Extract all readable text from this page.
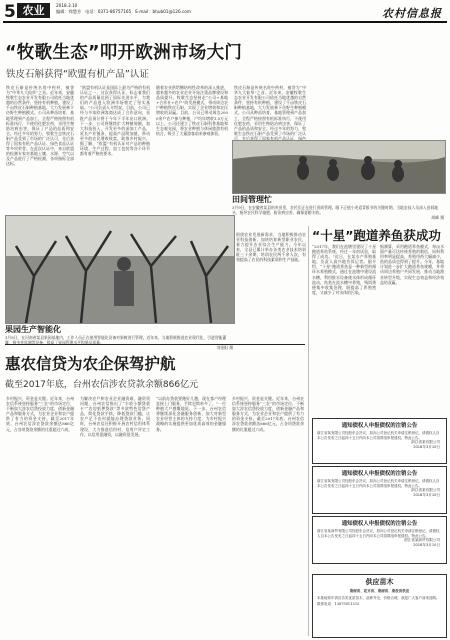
5 农业	2018.3.10
编辑：徐慧芳 电话：0371-86757165 E-mail：bhub01@126.com	农村信息报
“牧歌生态”叩开欧洲市场大门
铁皮石斛获得“欧盟有机产品”认证
铁皮石斛是传统名贵中药材，被誉为“中华九大仙草”之首。近年来，安徽牧歌生态农业开发有限公司依托当地优越的自然条件，坚持有机种植，建设了千亩铁皮石斛种植基地，大力发展林下仿野生种植模式。公司从种苗培育、基地管理到产品加工，全程严格按照有机标准执行，不使用化肥农药，采用生物防治病虫害，保证了产品的品质和安全。经过多年的努力，牧歌生态铁皮石斛产品受到了市场的广泛认可，先后获得了国家有机产品认证、绿色食品认证等多项荣誉。在此次认证中，来自欧盟的检测专家对基地土壤、水源、空气以及产品进行了严格检测，各项指标全部达标。
“欧盟有机认证是国际上最为严格的有机认证之一，这次获得认证，标志着我们的产品质量达到了国际先进水平，为我们的产品进入欧洲市场奠定了坚实基础。”公司负责人介绍说。目前，公司已经与多家欧洲客商达成了合作意向，首批产品预计将于今年下半年出口欧洲。下一步，公司将继续扩大种植规模，加大科技投入，开发更多的深加工产品，延长产业链条，提高产品附加值，带动更多的农民增收致富，助推乡村振兴。据了解，“欧盟”有机认证对产品的种植环境、生产过程、加工包装等各个环节都有着严格的要求。
随着农业供给侧结构性改革的深入推进，越来越多的农业企业开始注重品牌建设和品质提升。牧歌生态坚持走“公司+基地+合作社+农户”的发展模式，带动周边农户种植铁皮石斛，实现了企业增效和农民增收的双赢。目前，公司已带动周边2000余户农户参与种植，户均年增收1.5万元以上。公司还建立了铁皮石斛科普基地和生态观光园，将农业种植与休闲旅游有机结合，吸引了大量游客前来参观体验。
铁皮石斛是传统名贵中药材，被誉为“中华九大仙草”之首。近年来，安徽牧歌生态农业开发有限公司依托当地优越的自然条件，坚持有机种植，建设了千亩铁皮石斛种植基地，大力发展林下仿野生种植模式。公司从种苗培育、基地管理到产品加工，全程严格按照有机标准执行，不使用化肥农药，采用生物防治病虫害，保证了产品的品质和安全。经过多年的努力，牧歌生态铁皮石斛产品受到了市场的广泛认可，先后获得了国家有机产品认证、绿色
田间管理忙
3月9日，在安徽省某县的麦田里，农民们正在进行田间管理。眼下正值小麦返青拔节的关键时期，当地农技人员深入田间地头，指导农民科学施肥、防治病虫害，确保夏粮丰收。
胡峰 摄
果园生产智能化
3月8日，在河南省某县果园基地内，工作人员正在使用智能化设备对果树进行管理。近年来，当地积极推进农业现代化，引进智能灌溉、病虫害监测等设备，提高了果园管理水平和果品质量。
刘金阳 摄
围绕农业发展新需求，当地积极推动农业科技创新，加快培育新型职业农民，着力提升农业综合生产能力。今年以来，全县已累计举办各类农业技术培训班三十余期，培训农民两千余人次，有效提高了农民的科技素质和生产技能。
“十星”跑道养鱼获成功
“2017年，我们在池塘里建设了十星跑道养鱼系统，经过一年的试验，取得了成功。”近日，在某水产养殖基地，负责人高兴地告诉记者。据介绍，“十星”跑道养鱼是一种新型的循环水养殖模式，通过在池塘中建设流水槽，利用推水设备使水体形成循环流动，鱼类在流水槽中养殖，残饵粪便集中收集处理，既提高了养殖密度，又减少了对水体的污染。
据测算，采用跑道养鱼模式，每亩水面产量可达传统养殖的数倍，饲料利用率明显提高，养殖用药大幅减少，鱼的品质也得到了提升。今年，基地计划进一步扩大跑道养鱼规模，并带动周边养殖户共同发展，推动当地渔业转型升级，实现生态效益和经济效益的双赢。
惠农信贷为农企保驾护航
截至2017年底，台州农信涉农贷款余额866亿元
乡村振兴，资金是关键。近年来，台州农信系统坚持服务“三农”的市场定位，不断加大涉农信贷投放力度，创新金融产品和服务方式，为农业企业和农户提供了有力的资金支持。截至2017年底，台州农信涉农贷款余额达866亿元，占各项贷款余额的比重超过六成。
为解决农户和农业企业融资难、融资贵问题，台州农信推出了“丰收小额贷款卡”“农房抵押贷款”等多款特色信贷产品，简化贷款手续，降低贷款门槛，让农户足不出村就能办理贷款业务。同时，台州农信还积极开展农村信用体系建设，大力推进信用村、信用户评定工作，以信用促融资，以融资促发展。
“以前办贷款要跑好几趟，现在客户经理直接上门服务，手续也简单多了。”一位种植大户感慨地说。下一步，台州农信将继续深化金融服务创新，加大对新型农业经营主体的支持力度，为乡村振兴战略的实施提供更加优质高效的金融服务。
乡村振兴，资金是关键。近年来，台州农信系统坚持服务“三农”的市场定位，不断加大涉农信贷投放力度，创新金融产品和服务方式，为农业企业和农户提供了有力的资金支持。截至2017年底，台州农信涉农贷款余额达866亿元，占各项贷款余额的比重超过六成。
通知债权人申报债权的注销公告
浙江省某有限公司经股东会决议，拟向公司登记机关申请注销登记，请债权人自本公告发布之日起四十五日内向本公司清算组申报债权。特此公告。
浙江省某有限公司
2018年3月10日
通知债权人申报债权的注销公告
浙江省某有限公司经股东会决议，拟向公司登记机关申请注销登记，请债权人自本公告发布之日起四十五日内向本公司清算组申报债权。特此公告。
浙江省某有限公司
2018年3月10日
通知债权人申报债权的注销公告
浙江省某商贸有限公司经股东会决议，拟向公司登记机关申请注销登记，请债权人自本公告发布之日起四十五日内向本公司清算组申报债权。特此公告。
浙江省某商贸有限公司
2018年3月10日
供应苗木
桑树苗、花卉苗、桑树苗、桑枝苗供应
本基地常年供应各类优质苗木，品种齐全，价格合理，欢迎广大客户前来选购。
联系电话：13875811333
